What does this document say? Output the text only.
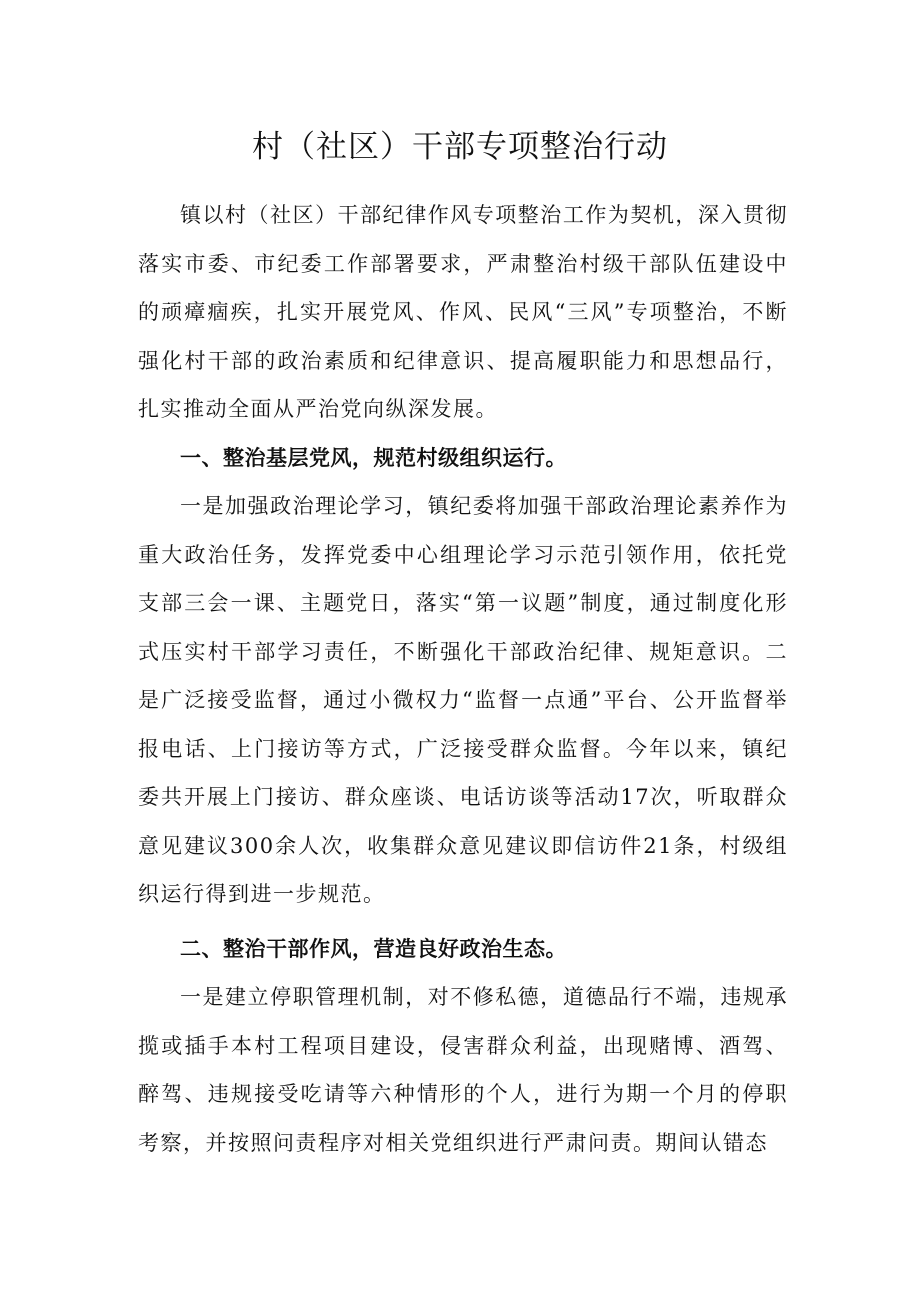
村（社区）干部专项整治行动

镇以村（社区）干部纪律作风专项整治工作为契机，深入贯彻落实市委、市纪委工作部署要求，严肃整治村级干部队伍建设中的顽瘴痼疾，扎实开展党风、作风、民风“三风”专项整治，不断强化村干部的政治素质和纪律意识、提高履职能力和思想品行，扎实推动全面从严治党向纵深发展。

一、整治基层党风，规范村级组织运行。

一是加强政治理论学习，镇纪委将加强干部政治理论素养作为重大政治任务，发挥党委中心组理论学习示范引领作用，依托党支部三会一课、主题党日，落实“第一议题”制度，通过制度化形式压实村干部学习责任，不断强化干部政治纪律、规矩意识。二是广泛接受监督，通过小微权力“监督一点通”平台、公开监督举报电话、上门接访等方式，广泛接受群众监督。今年以来，镇纪委共开展上门接访、群众座谈、电话访谈等活动17次，听取群众意见建议300余人次，收集群众意见建议即信访件21条，村级组织运行得到进一步规范。

二、整治干部作风，营造良好政治生态。

一是建立停职管理机制，对不修私德，道德品行不端，违规承揽或插手本村工程项目建设，侵害群众利益，出现赌博、酒驾、醉驾、违规接受吃请等六种情形的个人，进行为期一个月的停职考察，并按照问责程序对相关党组织进行严肃问责。期间认错态
